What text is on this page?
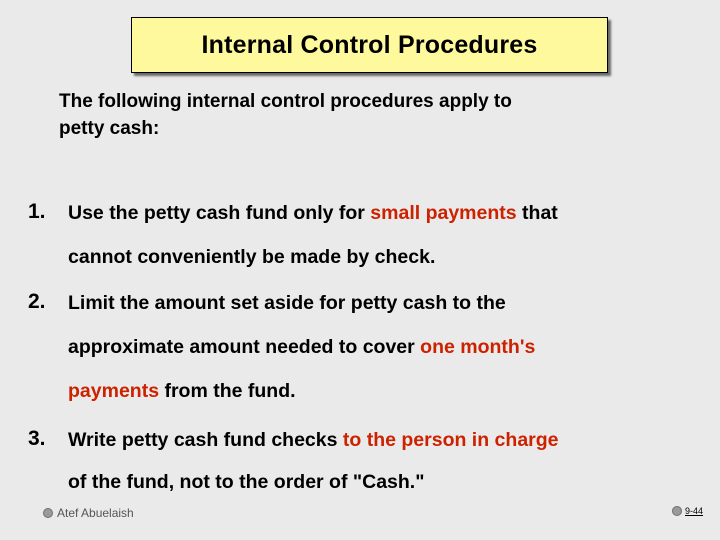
Internal Control Procedures
The following internal control procedures apply to
petty cash:
1. Use the petty cash fund only for small payments that
cannot conveniently be made by check.
2. Limit the amount set aside for petty cash to the
approximate amount needed to cover one month's
payments from the fund.
3. Write petty cash fund checks to the person in charge
of the fund, not to the order of "Cash."
Atef Abuelaish	9-44
